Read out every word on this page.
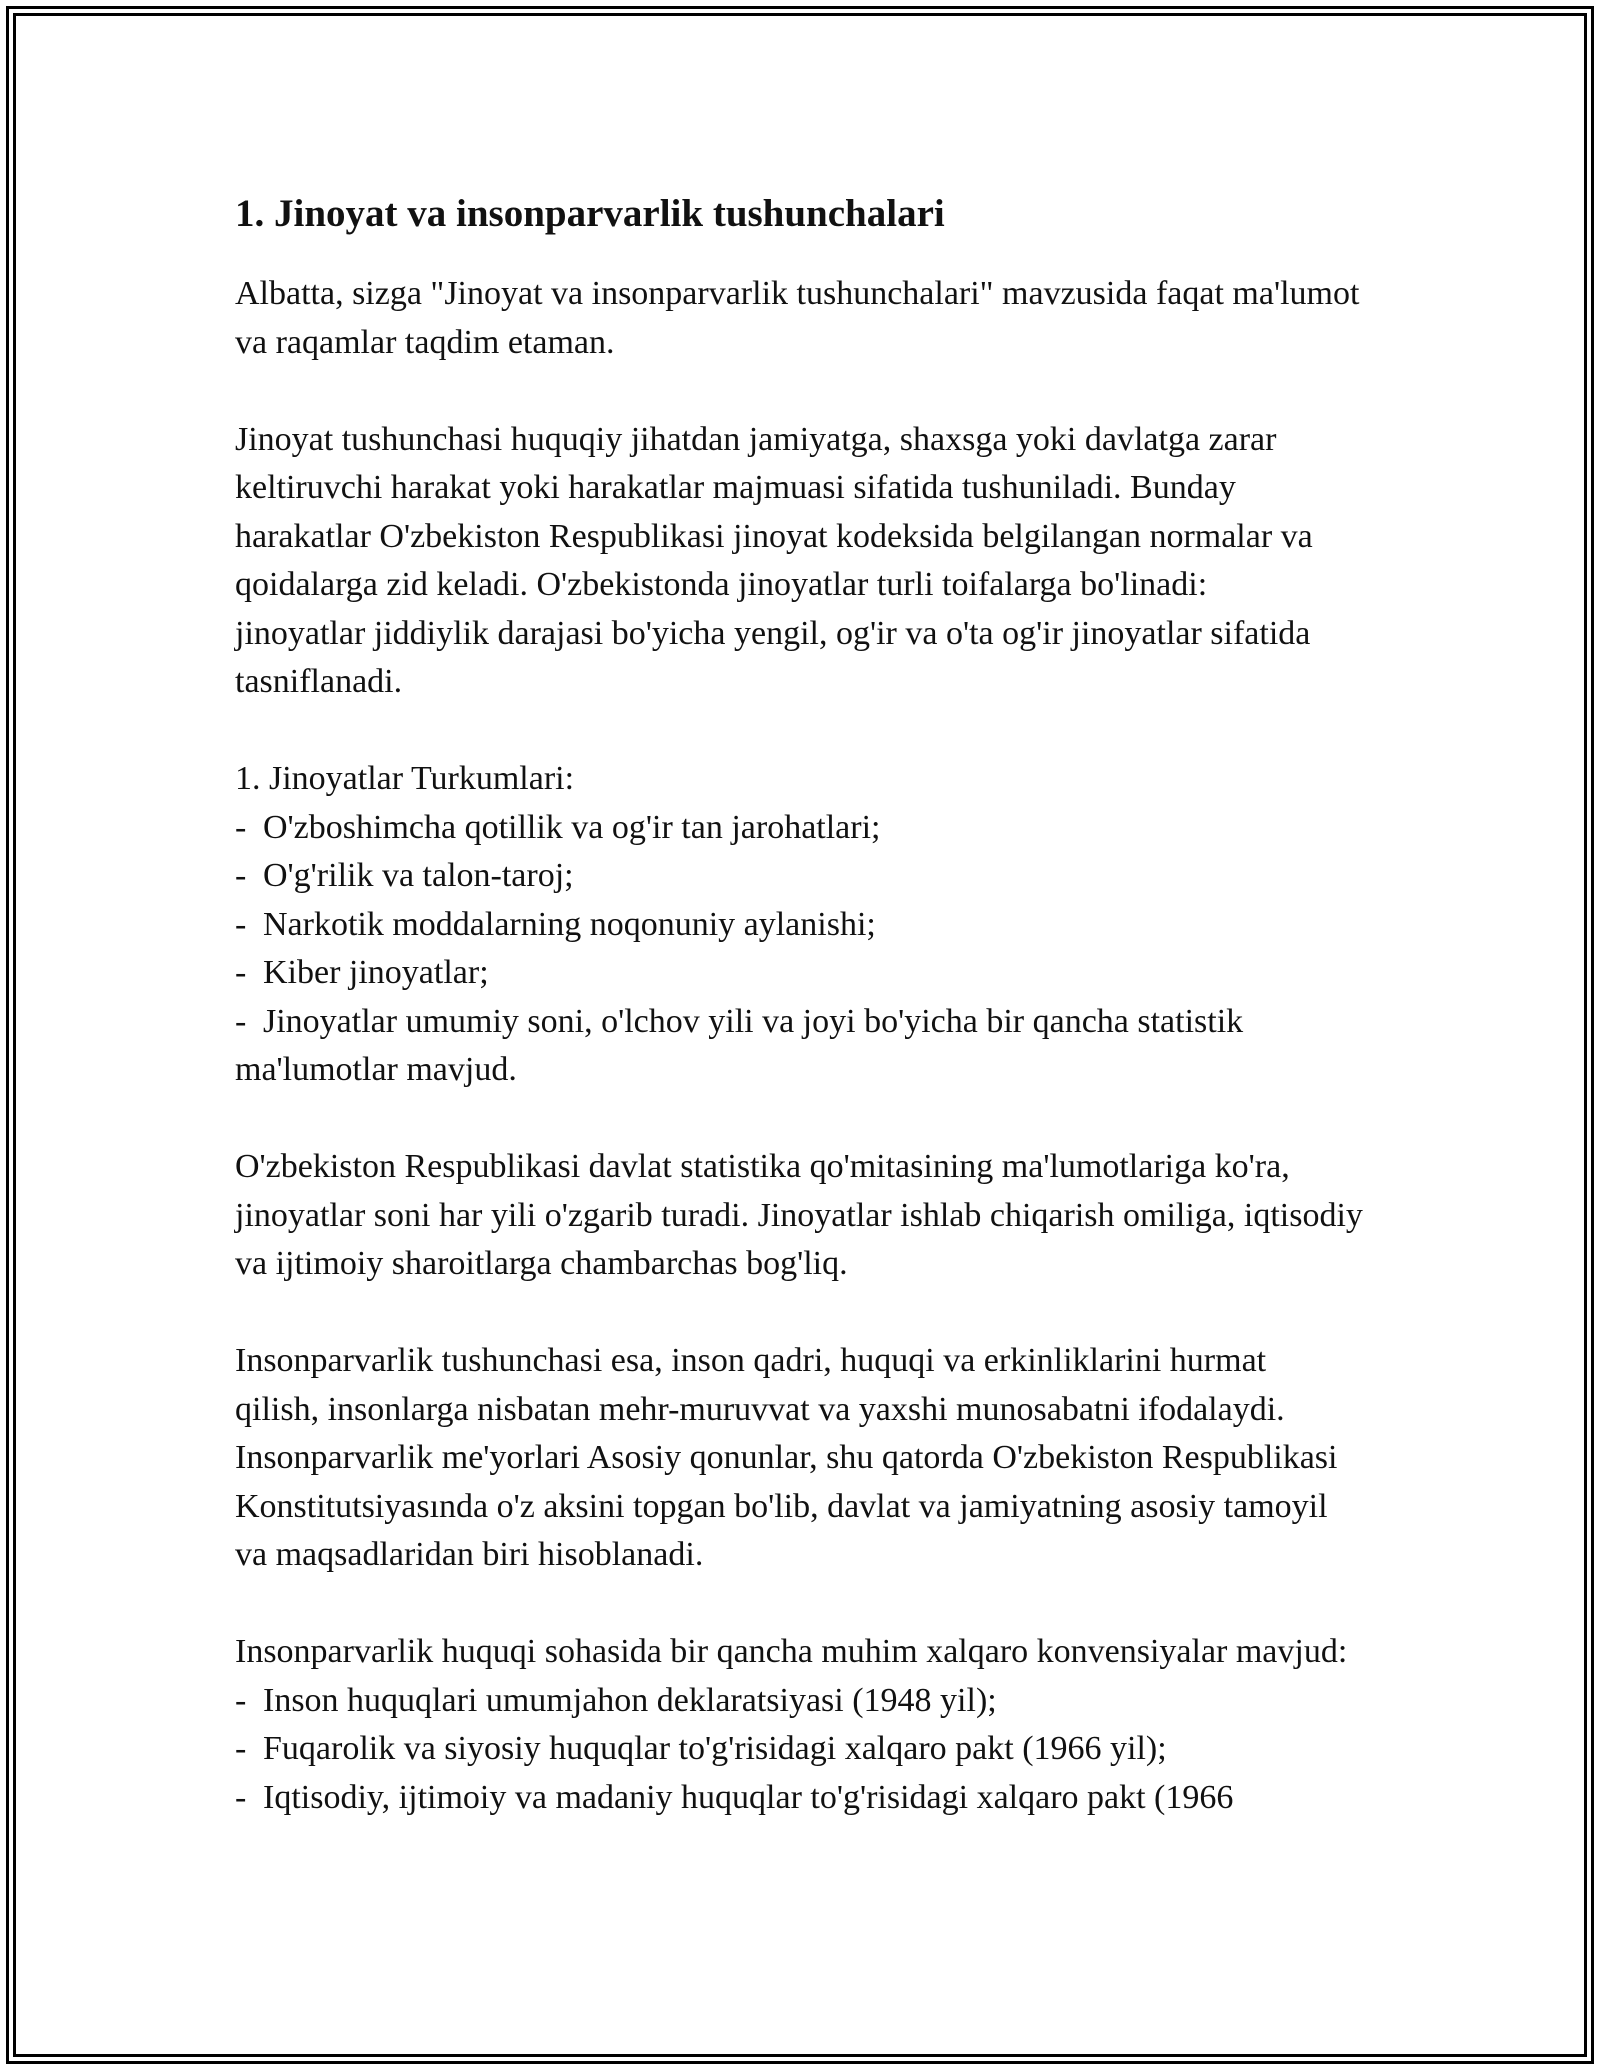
1. Jinoyat va insonparvarlik tushunchalari

Albatta, sizga "Jinoyat va insonparvarlik tushunchalari" mavzusida faqat ma'lumot va raqamlar taqdim etaman.

Jinoyat tushunchasi huquqiy jihatdan jamiyatga, shaxsga yoki davlatga zarar keltiruvchi harakat yoki harakatlar majmuasi sifatida tushuniladi. Bunday harakatlar O'zbekiston Respublikasi jinoyat kodeksida belgilangan normalar va qoidalarga zid keladi. O'zbekistonda jinoyatlar turli toifalarga bo'linadi: jinoyatlar jiddiylik darajasi bo'yicha yengil, og'ir va o'ta og'ir jinoyatlar sifatida tasniflanadi.

1. Jinoyatlar Turkumlari:

- O'zboshimcha qotillik va og'ir tan jarohatlari;
- O'g'rilik va talon-taroj;
- Narkotik moddalarning noqonuniy aylanishi;
- Kiber jinoyatlar;
- Jinoyatlar umumiy soni, o'lchov yili va joyi bo'yicha bir qancha statistik

ma'lumotlar mavjud.

O'zbekiston Respublikasi davlat statistika qo'mitasining ma'lumotlariga ko'ra, jinoyatlar soni har yili o'zgarib turadi. Jinoyatlar ishlab chiqarish omiliga, iqtisodiy va ijtimoiy sharoitlarga chambarchas bog'liq.

Insonparvarlik tushunchasi esa, inson qadri, huquqi va erkinliklarini hurmat qilish, insonlarga nisbatan mehr-muruvvat va yaxshi munosabatni ifodalaydi. Insonparvarlik me'yorlari Asosiy qonunlar, shu qatorda O'zbekiston Respublikasi Konstitutsiyasında o'z aksini topgan bo'lib, davlat va jamiyatning asosiy tamoyil va maqsadlaridan biri hisoblanadi.

Insonparvarlik huquqi sohasida bir qancha muhim xalqaro konvensiyalar mavjud:

- Inson huquqlari umumjahon deklaratsiyasi (1948 yil);
- Fuqarolik va siyosiy huquqlar to'g'risidagi xalqaro pakt (1966 yil);
- Iqtisodiy, ijtimoiy va madaniy huquqlar to'g'risidagi xalqaro pakt (1966
